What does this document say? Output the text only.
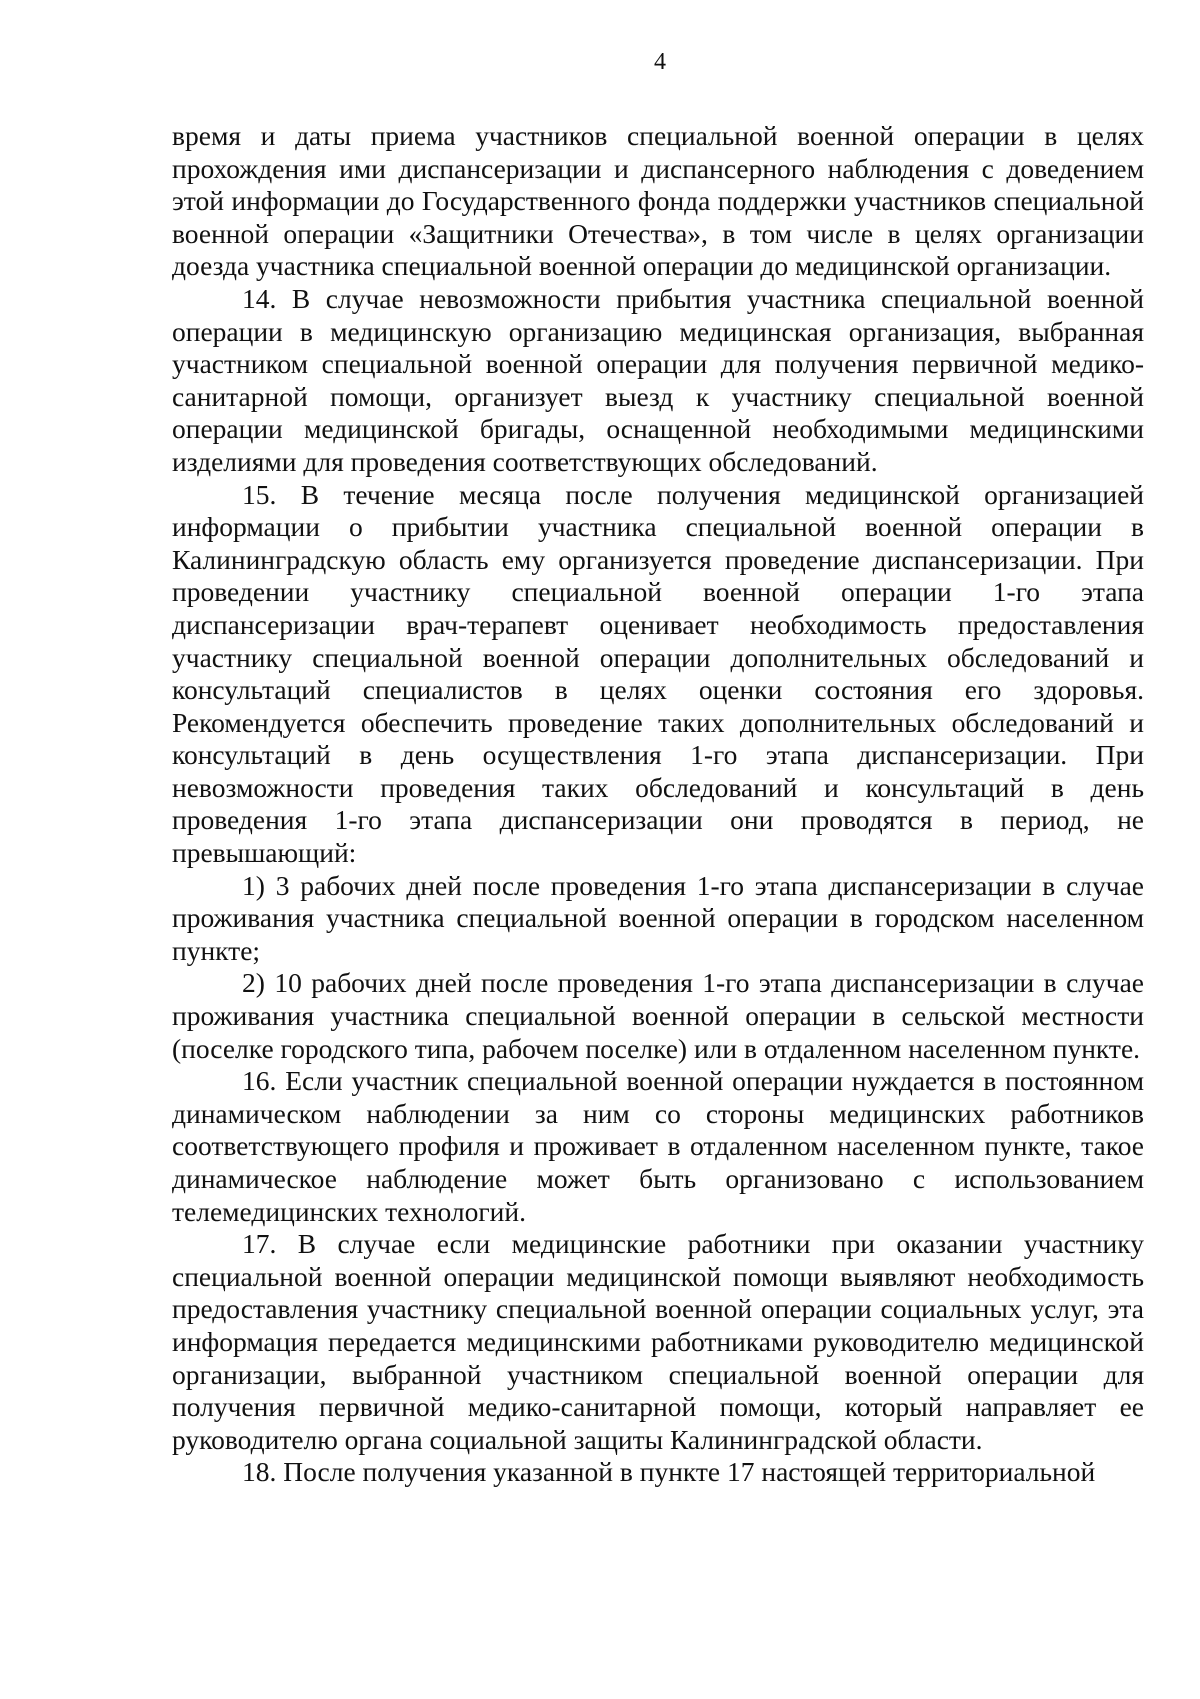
4

время и даты приема участников специальной военной операции в целях прохождения ими диспансеризации и диспансерного наблюдения с доведением этой информации до Государственного фонда поддержки участников специальной военной операции «Защитники Отечества», в том числе в целях организации доезда участника специальной военной операции до медицинской организации.

14. В случае невозможности прибытия участника специальной военной операции в медицинскую организацию медицинская организация, выбранная участником специальной военной операции для получения первичной медико-санитарной помощи, организует выезд к участнику специальной военной операции медицинской бригады, оснащенной необходимыми медицинскими изделиями для проведения соответствующих обследований.

15. В течение месяца после получения медицинской организацией информации о прибытии участника специальной военной операции в Калининградскую область ему организуется проведение диспансеризации. При проведении участнику специальной военной операции 1-го этапа диспансеризации врач-терапевт оценивает необходимость предоставления участнику специальной военной операции дополнительных обследований и консультаций специалистов в целях оценки состояния его здоровья. Рекомендуется обеспечить проведение таких дополнительных обследований и консультаций в день осуществления 1-го этапа диспансеризации. При невозможности проведения таких обследований и консультаций в день проведения 1-го этапа диспансеризации они проводятся в период, не превышающий:

1) 3 рабочих дней после проведения 1-го этапа диспансеризации в случае проживания участника специальной военной операции в городском населенном пункте;

2) 10 рабочих дней после проведения 1-го этапа диспансеризации в случае проживания участника специальной военной операции в сельской местности (поселке городского типа, рабочем поселке) или в отдаленном населенном пункте.

16. Если участник специальной военной операции нуждается в постоянном динамическом наблюдении за ним со стороны медицинских работников соответствующего профиля и проживает в отдаленном населенном пункте, такое динамическое наблюдение может быть организовано с использованием телемедицинских технологий.

17. В случае если медицинские работники при оказании участнику специальной военной операции медицинской помощи выявляют необходимость предоставления участнику специальной военной операции социальных услуг, эта информация передается медицинскими работниками руководителю медицинской организации, выбранной участником специальной военной операции для получения первичной медико-санитарной помощи, который направляет ее руководителю органа социальной защиты Калининградской области.

18. После получения указанной в пункте 17 настоящей территориальной
